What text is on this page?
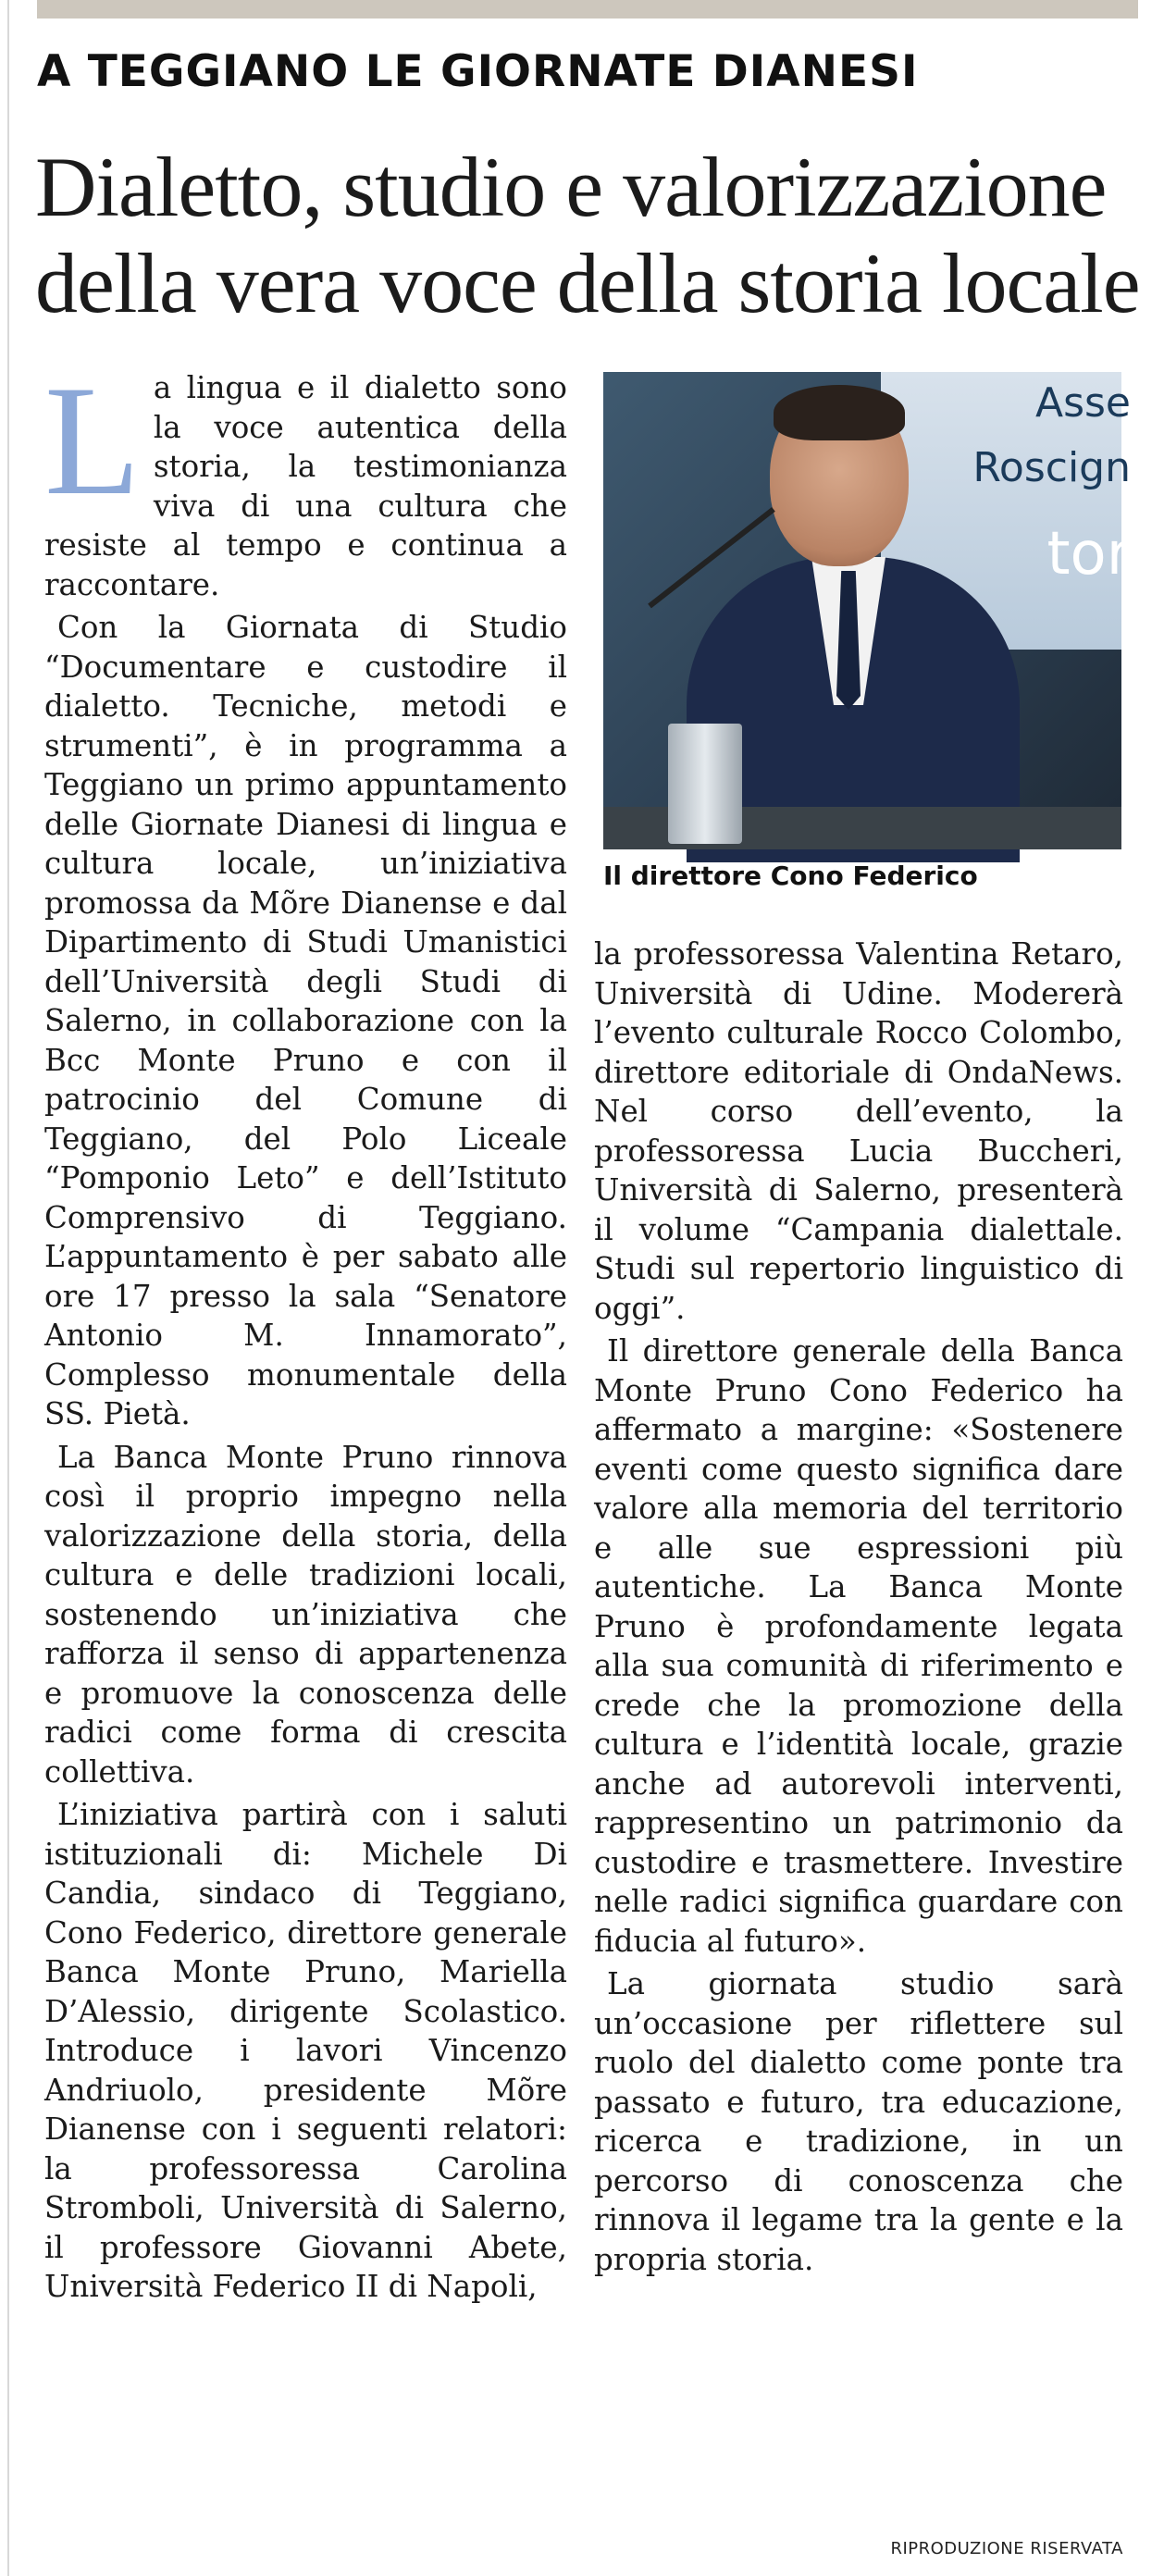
A TEGGIANO LE GIORNATE DIANESI
Dialetto, studio e valorizzazione
della vera voce della storia locale

La lingua e il dialetto sono la voce autentica della storia, la testimonianza viva di una cultura che resiste al tempo e continua a raccontare.

Con la Giornata di Studio “Documentare e custodire il dialetto. Tecniche, metodi e strumenti”, è in programma a Teggiano un primo appuntamento delle Giornate Dianesi di lingua e cultura locale, un’iniziativa promossa da Mõre Dianense e dal Dipartimento di Studi Umanistici dell’Università degli Studi di Salerno, in collaborazione con la Bcc Monte Pruno e con il patrocinio del Comune di Teggiano, del Polo Liceale “Pomponio Leto” e dell’Istituto Comprensivo di Teggiano. L’appuntamento è per sabato alle ore 17 presso la sala “Senatore Antonio M. Innamorato”, Complesso monumentale della SS. Pietà.

La Banca Monte Pruno rinnova così il proprio impegno nella valorizzazione della storia, della cultura e delle tradizioni locali, sostenendo un’iniziativa che rafforza il senso di appartenenza e promuove la conoscenza delle radici come forma di crescita collettiva.

L’iniziativa partirà con i saluti istituzionali di: Michele Di Candia, sindaco di Teggiano, Cono Federico, direttore generale Banca Monte Pruno, Mariella D’Alessio, dirigente Scolastico. Introduce i lavori Vincenzo Andriuolo, presidente Mõre Dianense con i seguenti relatori: la professoressa Carolina Stromboli, Università di Salerno, il professore Giovanni Abete, Università Federico II di Napoli,

Asse
Roscign
tor
Il direttore Cono Federico

la professoressa Valentina Retaro, Università di Udine. Modererà l’evento culturale Rocco Colombo, direttore editoriale di OndaNews. Nel corso dell’evento, la professoressa Lucia Buccheri, Università di Salerno, presenterà il volume “Campania dialettale. Studi sul repertorio linguistico di oggi”.

Il direttore generale della Banca Monte Pruno Cono Federico ha affermato a margine: «Sostenere eventi come questo significa dare valore alla memoria del territorio e alle sue espressioni più autentiche. La Banca Monte Pruno è profondamente legata alla sua comunità di riferimento e crede che la promozione della cultura e l’identità locale, grazie anche ad autorevoli interventi, rappresentino un patrimonio da custodire e trasmettere. Investire nelle radici significa guardare con fiducia al futuro».

La giornata studio sarà un’occasione per riflettere sul ruolo del dialetto come ponte tra passato e futuro, tra educazione, ricerca e tradizione, in un percorso di conoscenza che rinnova il legame tra la gente e la propria storia.

RIPRODUZIONE RISERVATA
